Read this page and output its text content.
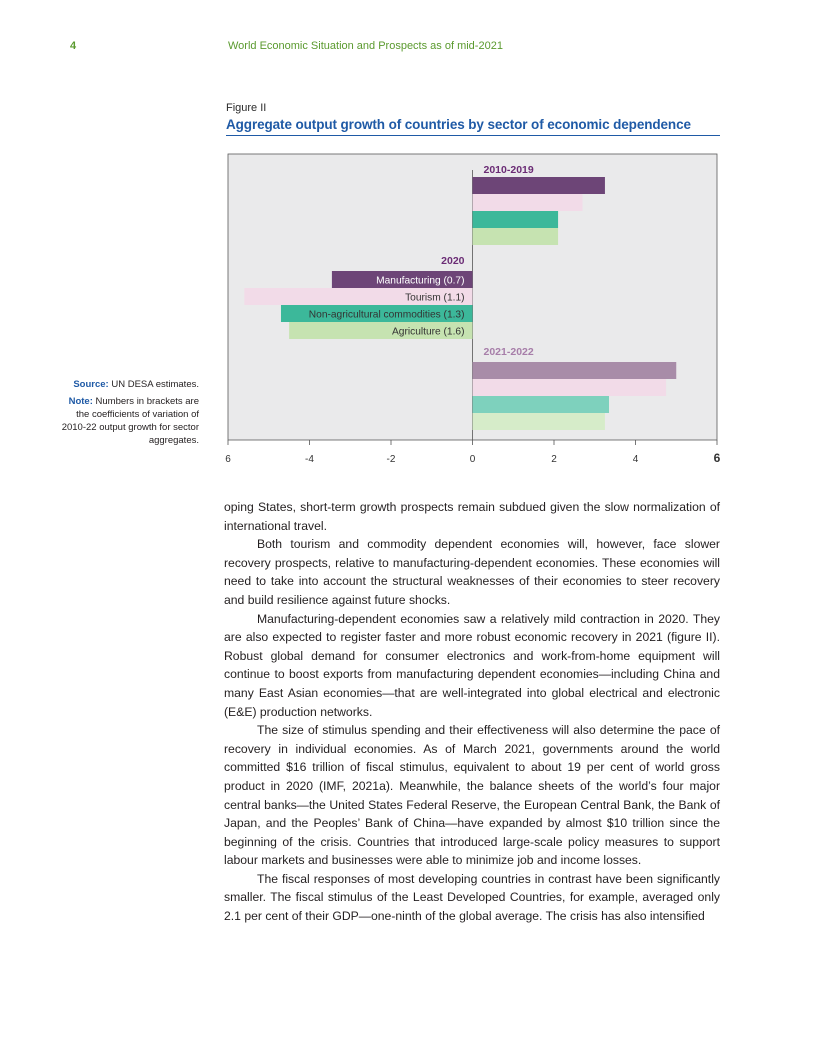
4	World Economic Situation and Prospects as of mid-2021
Figure II
Aggregate output growth of countries by sector of economic dependence
Source: UN DESA estimates.
Note: Numbers in brackets are the coefficients of variation of 2010-22 output growth for sector aggregates.
2010-2019
2020
Manufacturing (0.7)
Tourism (1.1)
Non-agricultural commodities (1.3)
Agriculture (1.6)
2021-2022
6	-4	-2	0	2	4	6

oping States, short-term growth prospects remain subdued given the slow normalization of international travel.

Both tourism and commodity dependent economies will, however, face slower recovery prospects, relative to manufacturing-dependent economies. These economies will need to take into account the structural weaknesses of their economies to steer recovery and build resilience against future shocks.

Manufacturing-dependent economies saw a relatively mild contraction in 2020. They are also expected to register faster and more robust economic recovery in 2021 (figure II). Robust global demand for consumer electronics and work-from-home equipment will continue to boost exports from manufacturing dependent economies—including China and many East Asian economies—that are well-integrated into global electrical and electronic (E&E) production networks.

The size of stimulus spending and their effectiveness will also determine the pace of recovery in individual economies. As of March 2021, governments around the world committed $16 trillion of fiscal stimulus, equivalent to about 19 per cent of world gross product in 2020 (IMF, 2021a). Meanwhile, the balance sheets of the world’s four major central banks—the United States Federal Reserve, the European Central Bank, the Bank of Japan, and the Peoples’ Bank of China—have expanded by almost $10 trillion since the beginning of the crisis. Countries that introduced large-scale policy measures to support labour markets and businesses were able to minimize job and income losses.

The fiscal responses of most developing countries in contrast have been significantly smaller. The fiscal stimulus of the Least Developed Countries, for example, averaged only 2.1 per cent of their GDP—one-ninth of the global average. The crisis has also intensified
